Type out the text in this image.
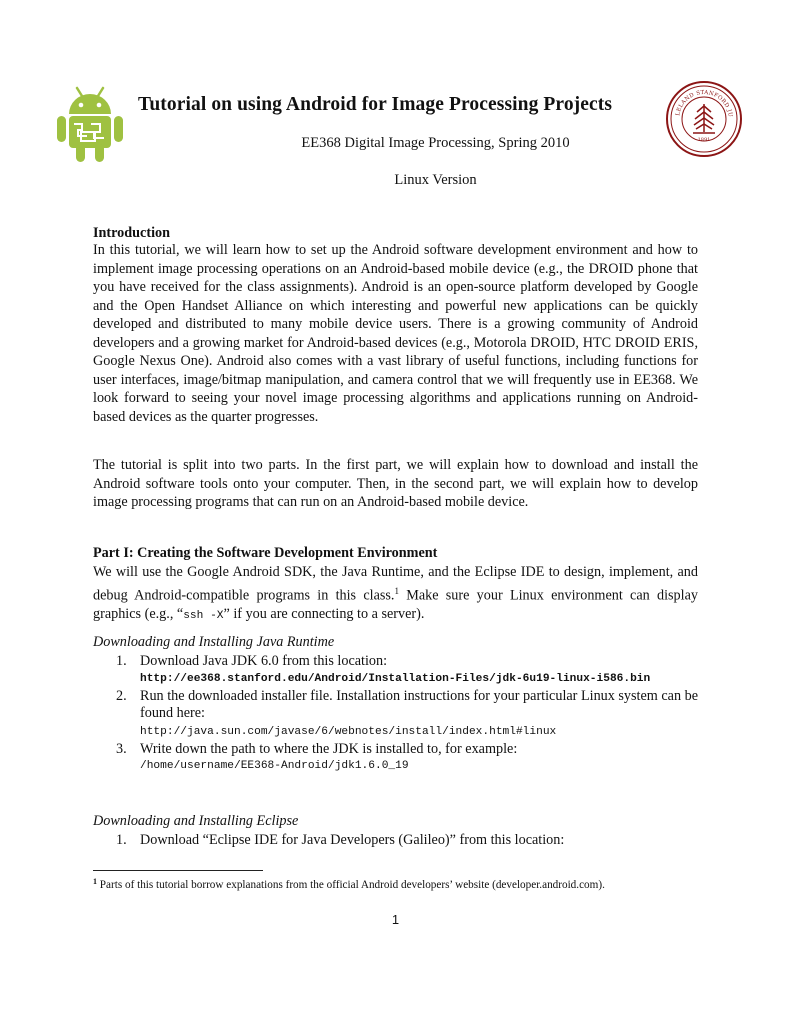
Tutorial on using Android for Image Processing Projects	LELAND STANFORD JU
1891
EE368 Digital Image Processing, Spring 2010
Linux Version
Introduction
In this tutorial, we will learn how to set up the Android software development environment and how to implement image processing operations on an Android-based mobile device (e.g., the DROID phone that you have received for the class assignments). Android is an open-source platform developed by Google and the Open Handset Alliance on which interesting and powerful new applications can be quickly developed and distributed to many mobile device users. There is a growing community of Android developers and a growing market for Android-based devices (e.g., Motorola DROID, HTC DROID ERIS, Google Nexus One). Android also comes with a vast library of useful functions, including functions for user interfaces, image/bitmap manipulation, and camera control that we will frequently use in EE368. We look forward to seeing your novel image processing algorithms and applications running on Android-based devices as the quarter progresses.
The tutorial is split into two parts. In the first part, we will explain how to download and install the Android software tools onto your computer. Then, in the second part, we will explain how to develop image processing programs that can run on an Android-based mobile device.
Part I: Creating the Software Development Environment
We will use the Google Android SDK, the Java Runtime, and the Eclipse IDE to design, implement, and debug Android-compatible programs in this class.$^1$ Make sure your Linux environment can display graphics (e.g., “ssh -X” if you are connecting to a server).
Downloading and Installing Java Runtime
1. Download Java JDK 6.0 from this location:
http://ee368.stanford.edu/Android/Installation-Files/jdk-6u19-linux-i586.bin
2. Run the downloaded installer file. Installation instructions for your particular Linux system can be found here:
http://java.sun.com/javase/6/webnotes/install/index.html#linux
3. Write down the path to where the JDK is installed to, for example:
/home/username/EE368-Android/jdk1.6.0_19
Downloading and Installing Eclipse
1. Download “Eclipse IDE for Java Developers (Galileo)” from this location:
$^1$ Parts of this tutorial borrow explanations from the official Android developers’ website (developer.android.com).
1
